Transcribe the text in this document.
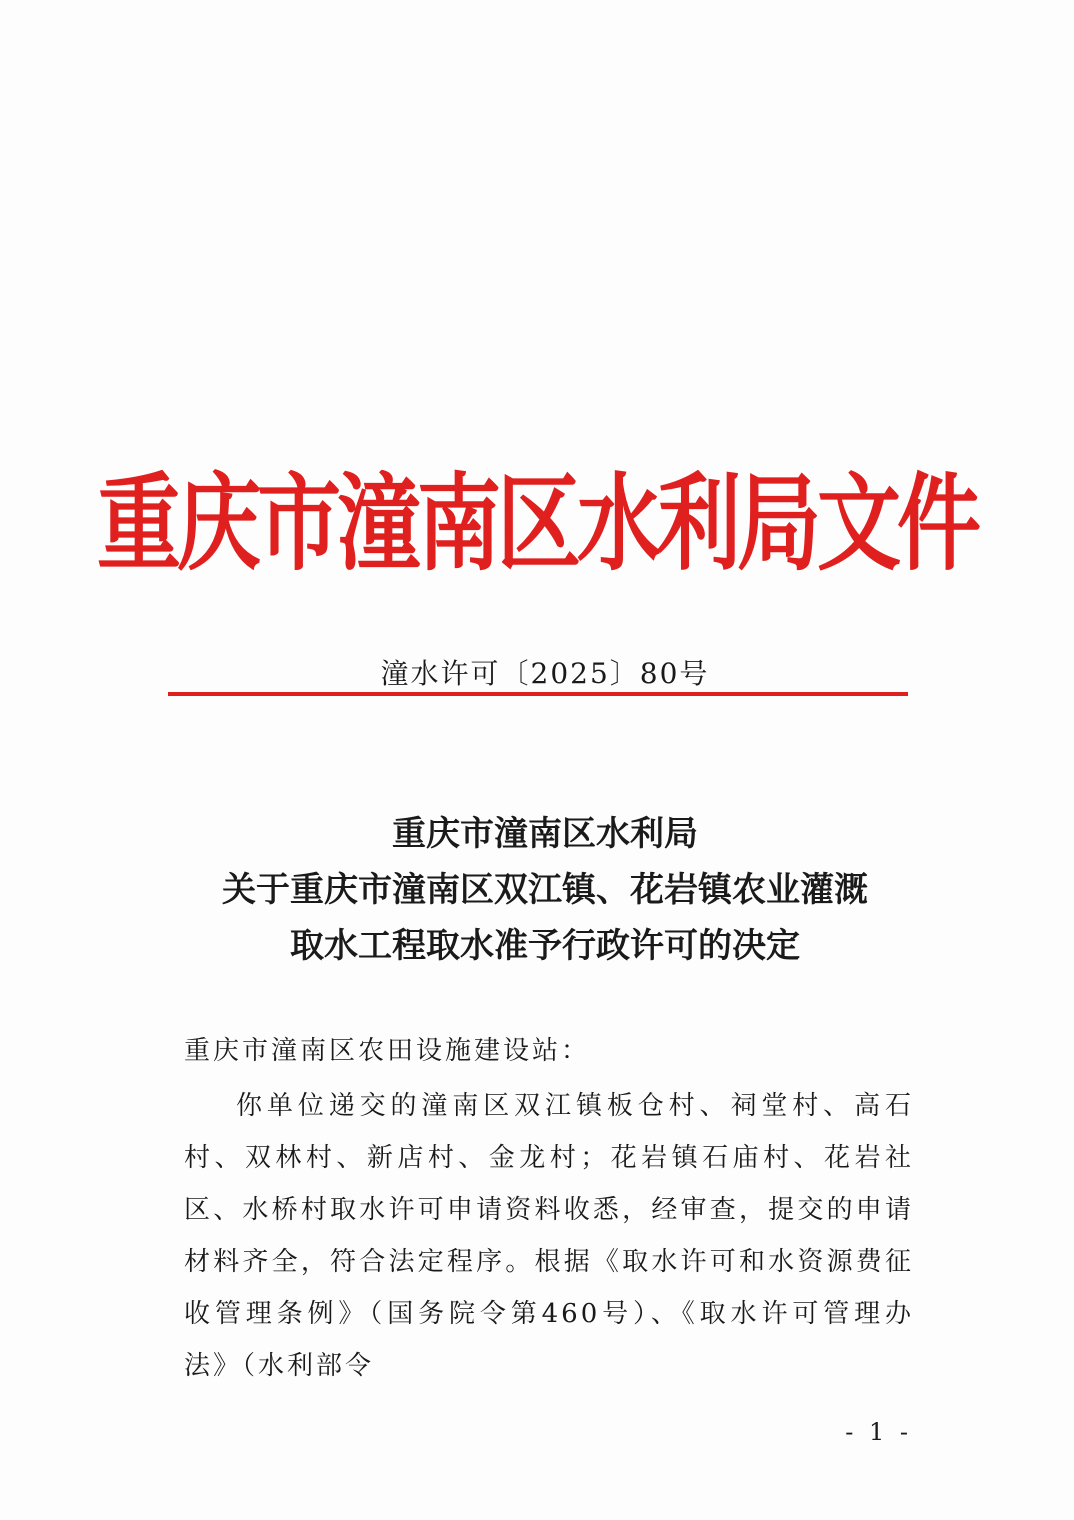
重庆市潼南区水利局文件
潼水许可〔2025〕80号
重庆市潼南区水利局
关于重庆市潼南区双江镇、花岩镇农业灌溉
取水工程取水准予行政许可的决定
重庆市潼南区农田设施建设站：
你单位递交的潼南区双江镇板仓村、祠堂村、高石村、双林村、新店村、金龙村；花岩镇石庙村、花岩社区、水桥村取水许可申请资料收悉，经审查，提交的申请材料齐全，符合法定程序。根据《取水许可和水资源费征收管理条例》（国务院令第460号）、《取水许可管理办法》（水利部令
- 1 -
